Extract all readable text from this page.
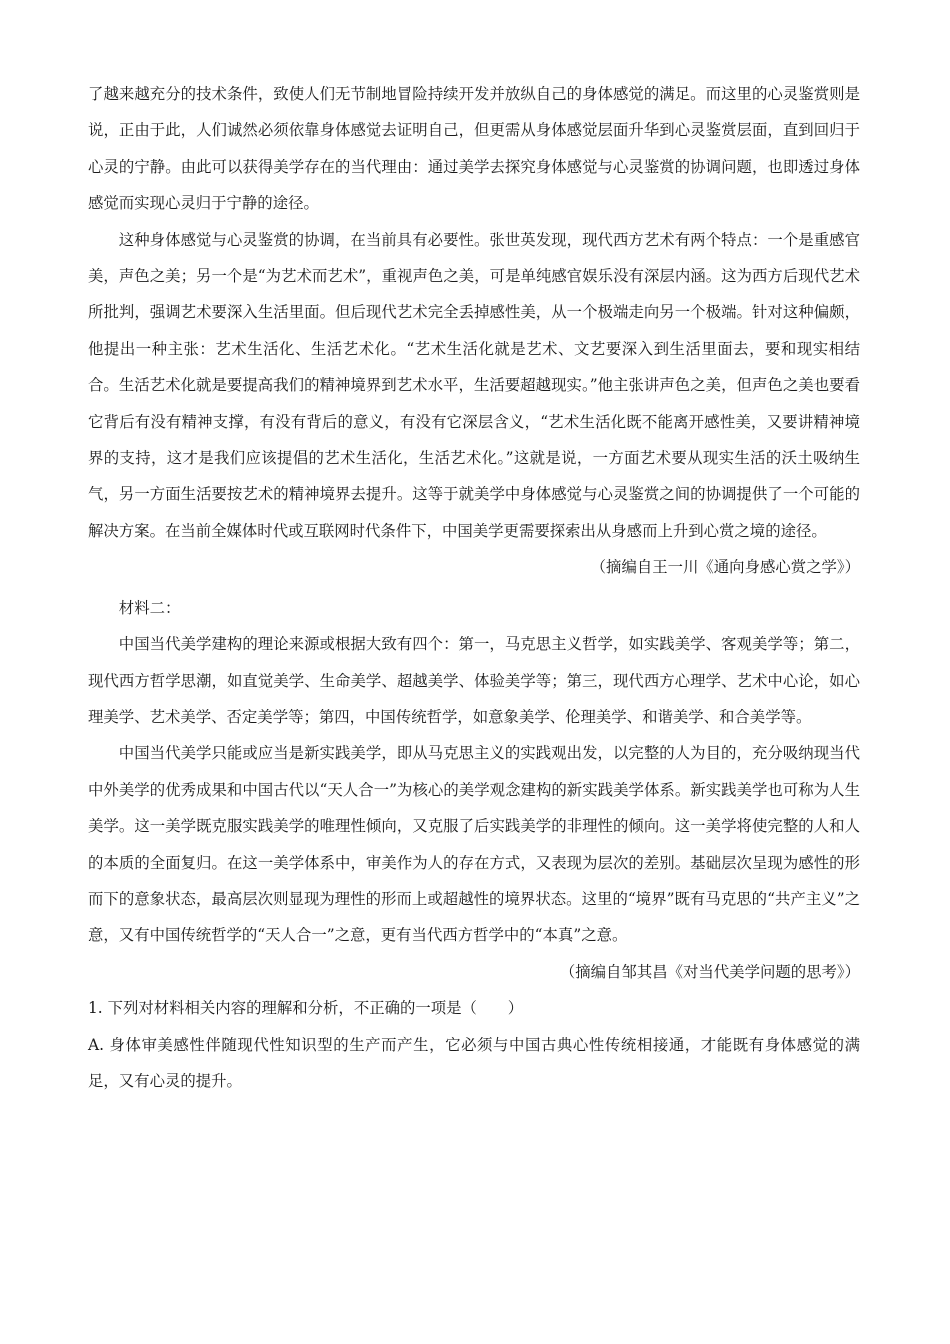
了越来越充分的技术条件，致使人们无节制地冒险持续开发并放纵自己的身体感觉的满足。而这里的心灵鉴赏则是说，正由于此，人们诚然必须依靠身体感觉去证明自己，但更需从身体感觉层面升华到心灵鉴赏层面，直到回归于心灵的宁静。由此可以获得美学存在的当代理由：通过美学去探究身体感觉与心灵鉴赏的协调问题，也即透过身体感觉而实现心灵归于宁静的途径。

这种身体感觉与心灵鉴赏的协调，在当前具有必要性。张世英发现，现代西方艺术有两个特点：一个是重感官美，声色之美；另一个是“为艺术而艺术”，重视声色之美，可是单纯感官娱乐没有深层内涵。这为西方后现代艺术所批判，强调艺术要深入生活里面。但后现代艺术完全丢掉感性美，从一个极端走向另一个极端。针对这种偏颇，他提出一种主张：艺术生活化、生活艺术化。“艺术生活化就是艺术、文艺要深入到生活里面去，要和现实相结合。生活艺术化就是要提高我们的精神境界到艺术水平，生活要超越现实。”他主张讲声色之美，但声色之美也要看它背后有没有精神支撑，有没有背后的意义，有没有它深层含义，“艺术生活化既不能离开感性美，又要讲精神境界的支持，这才是我们应该提倡的艺术生活化，生活艺术化。”这就是说，一方面艺术要从现实生活的沃土吸纳生气，另一方面生活要按艺术的精神境界去提升。这等于就美学中身体感觉与心灵鉴赏之间的协调提供了一个可能的解决方案。在当前全媒体时代或互联网时代条件下，中国美学更需要探索出从身感而上升到心赏之境的途径。

（摘编自王一川《通向身感心赏之学》）

材料二：

中国当代美学建构的理论来源或根据大致有四个：第一，马克思主义哲学，如实践美学、客观美学等；第二，现代西方哲学思潮，如直觉美学、生命美学、超越美学、体验美学等；第三，现代西方心理学、艺术中心论，如心理美学、艺术美学、否定美学等；第四，中国传统哲学，如意象美学、伦理美学、和谐美学、和合美学等。

中国当代美学只能或应当是新实践美学，即从马克思主义的实践观出发，以完整的人为目的，充分吸纳现当代中外美学的优秀成果和中国古代以“天人合一”为核心的美学观念建构的新实践美学体系。新实践美学也可称为人生美学。这一美学既克服实践美学的唯理性倾向，又克服了后实践美学的非理性的倾向。这一美学将使完整的人和人的本质的全面复归。在这一美学体系中，审美作为人的存在方式，又表现为层次的差别。基础层次呈现为感性的形而下的意象状态，最高层次则显现为理性的形而上或超越性的境界状态。这里的“境界”既有马克思的“共产主义”之意，又有中国传统哲学的“天人合一”之意，更有当代西方哲学中的“本真”之意。

（摘编自邹其昌《对当代美学问题的思考》）

1. 下列对材料相关内容的理解和分析，不正确的一项是（　　）

A. 身体审美感性伴随现代性知识型的生产而产生，它必须与中国古典心性传统相接通，才能既有身体感觉的满足，又有心灵的提升。
